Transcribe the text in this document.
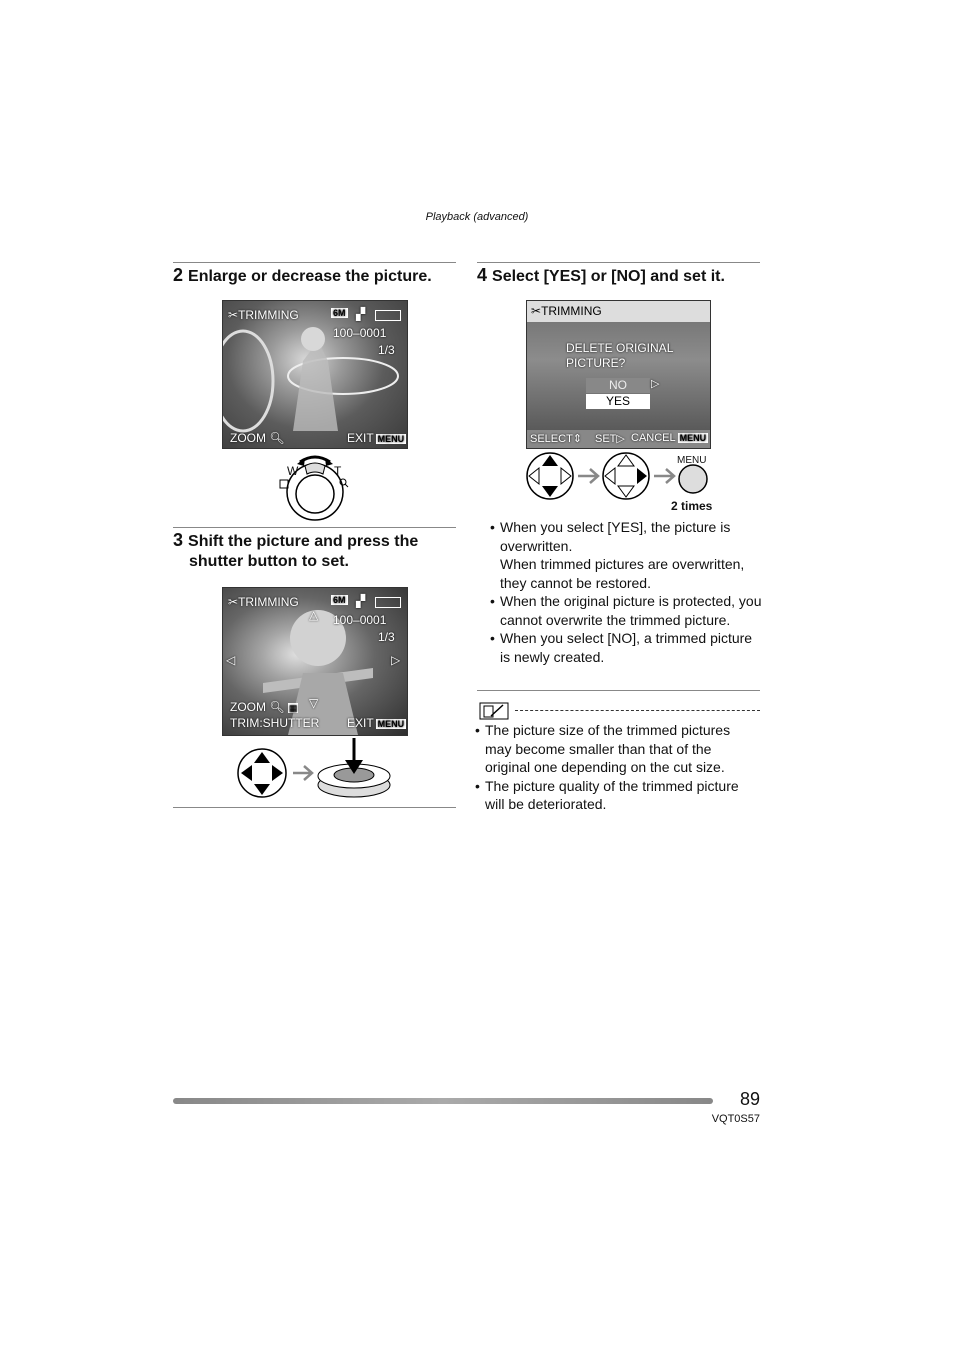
Playback (advanced)
2 Enlarge or decrease the picture.
✂TRIMMING	6M ▞
100–0001
1/3
ZOOM 🔍︎	EXIT MENU
W	T
3 Shift the picture and press the
shutter button to set.
✂TRIMMING	6M ▞
△ 100–0001
1/3
◁	▷
▽
ZOOM 🔍︎ ▦
TRIM:SHUTTER EXIT MENU
4 Select [YES] or [NO] and set it.
✂TRIMMING
DELETE ORIGINAL
PICTURE?
NO	▷
YES
SELECT⇕ SET▷ CANCEL MENU
MENU
2 times
• When you select [YES], the picture is overwritten.
When trimmed pictures are overwritten, they cannot be restored.
• When the original picture is protected, you cannot overwrite the trimmed picture.
• When you select [NO], a trimmed picture is newly created.
• The picture size of the trimmed pictures may become smaller than that of the original one depending on the cut size.
• The picture quality of the trimmed picture will be deteriorated.
89
VQT0S57
